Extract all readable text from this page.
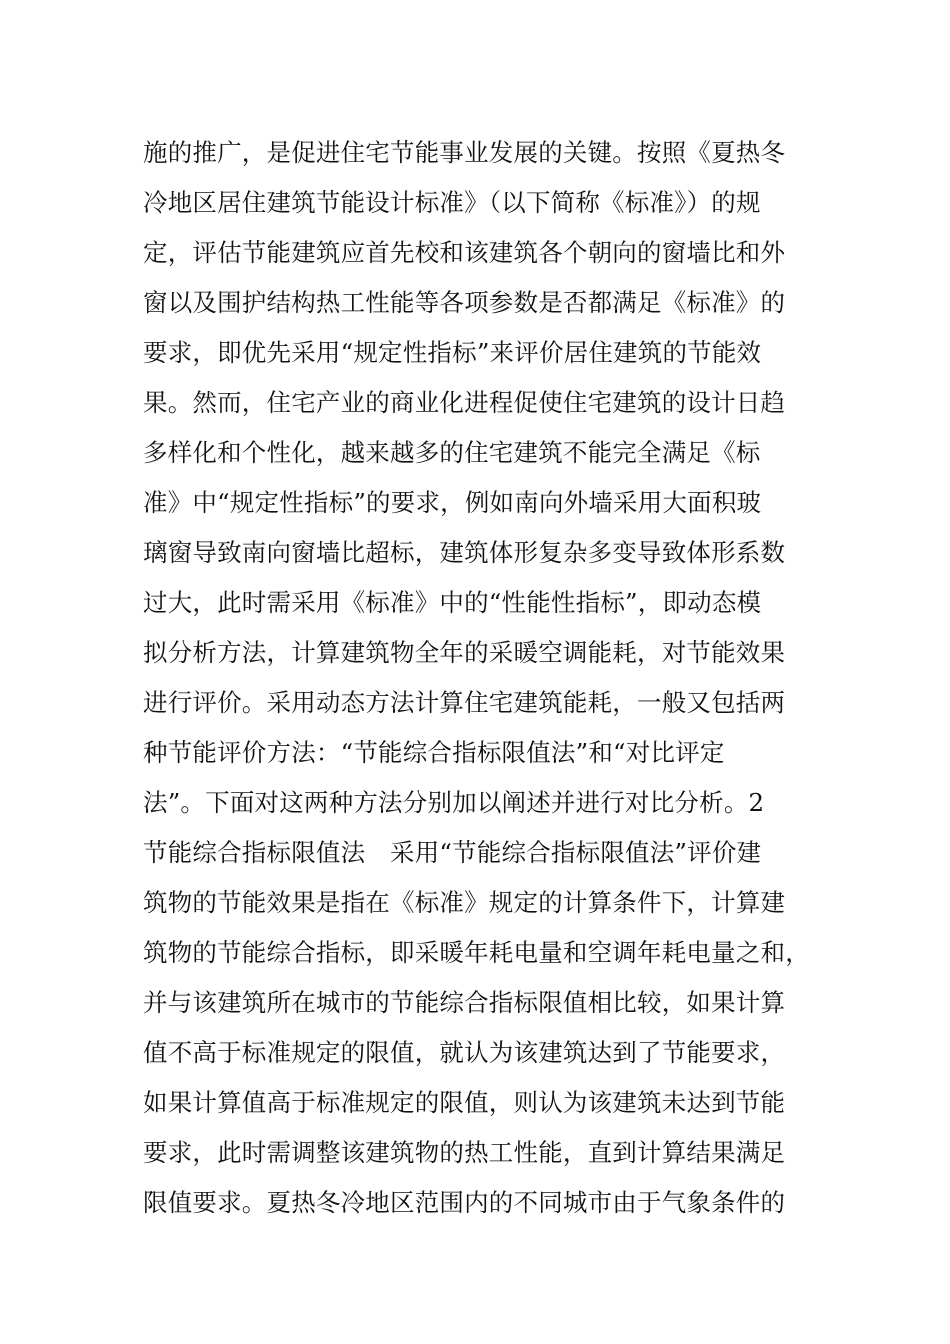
施的推广，是促进住宅节能事业发展的关键。按照《夏热冬
冷地区居住建筑节能设计标准》（以下简称《标准》）的规
定，评估节能建筑应首先校和该建筑各个朝向的窗墙比和外
窗以及围护结构热工性能等各项参数是否都满足《标准》的
要求，即优先采用“规定性指标”来评价居住建筑的节能效
果。然而，住宅产业的商业化进程促使住宅建筑的设计日趋
多样化和个性化，越来越多的住宅建筑不能完全满足《标
准》中“规定性指标”的要求，例如南向外墙采用大面积玻
璃窗导致南向窗墙比超标，建筑体形复杂多变导致体形系数
过大，此时需采用《标准》中的“性能性指标”，即动态模
拟分析方法，计算建筑物全年的采暖空调能耗，对节能效果
进行评价。采用动态方法计算住宅建筑能耗，一般又包括两
种节能评价方法：“节能综合指标限值法”和“对比评定
法”。下面对这两种方法分别加以阐述并进行对比分析。2
节能综合指标限值法　采用“节能综合指标限值法”评价建
筑物的节能效果是指在《标准》规定的计算条件下，计算建
筑物的节能综合指标，即采暖年耗电量和空调年耗电量之和，
并与该建筑所在城市的节能综合指标限值相比较，如果计算
值不高于标准规定的限值，就认为该建筑达到了节能要求，
如果计算值高于标准规定的限值，则认为该建筑未达到节能
要求，此时需调整该建筑物的热工性能，直到计算结果满足
限值要求。夏热冬冷地区范围内的不同城市由于气象条件的
